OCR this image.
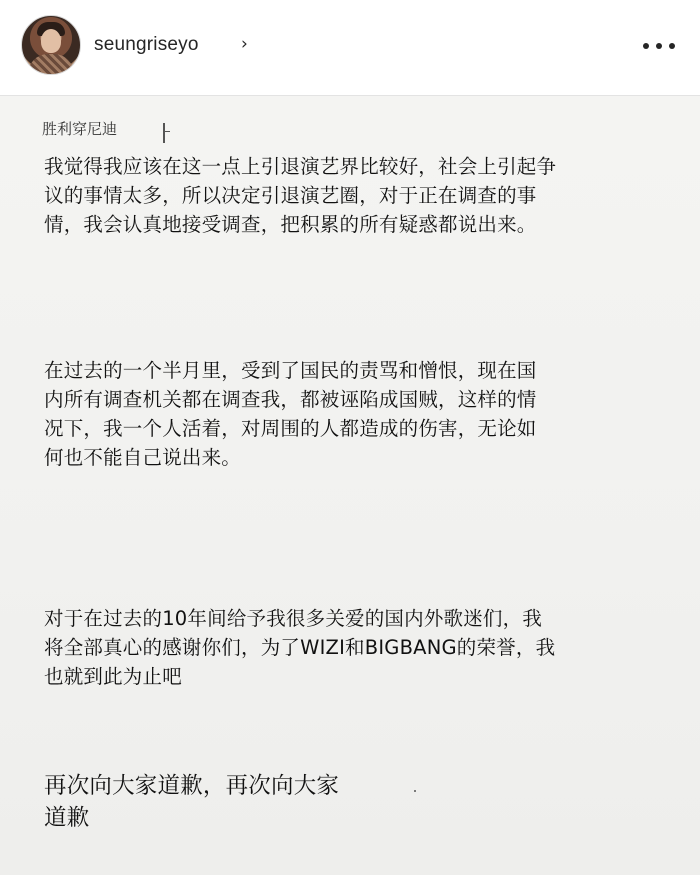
seungriseyo ›
胜利穿尼迪
我觉得我应该在这一点上引退演艺界比较好，社会上引起争
议的事情太多，所以决定引退演艺圈，对于正在调查的事
情，我会认真地接受调查，把积累的所有疑惑都说出来。
在过去的一个半月里，受到了国民的责骂和憎恨，现在国
内所有调查机关都在调查我，都被诬陷成国贼，这样的情
况下，我一个人活着，对周围的人都造成的伤害，无论如
何也不能自己说出来。
对于在过去的10年间给予我很多关爱的国内外歌迷们，我
将全部真心的感谢你们，为了WIZI和BIGBANG的荣誉，我
也就到此为止吧
再次向大家道歉，再次向大家
道歉
